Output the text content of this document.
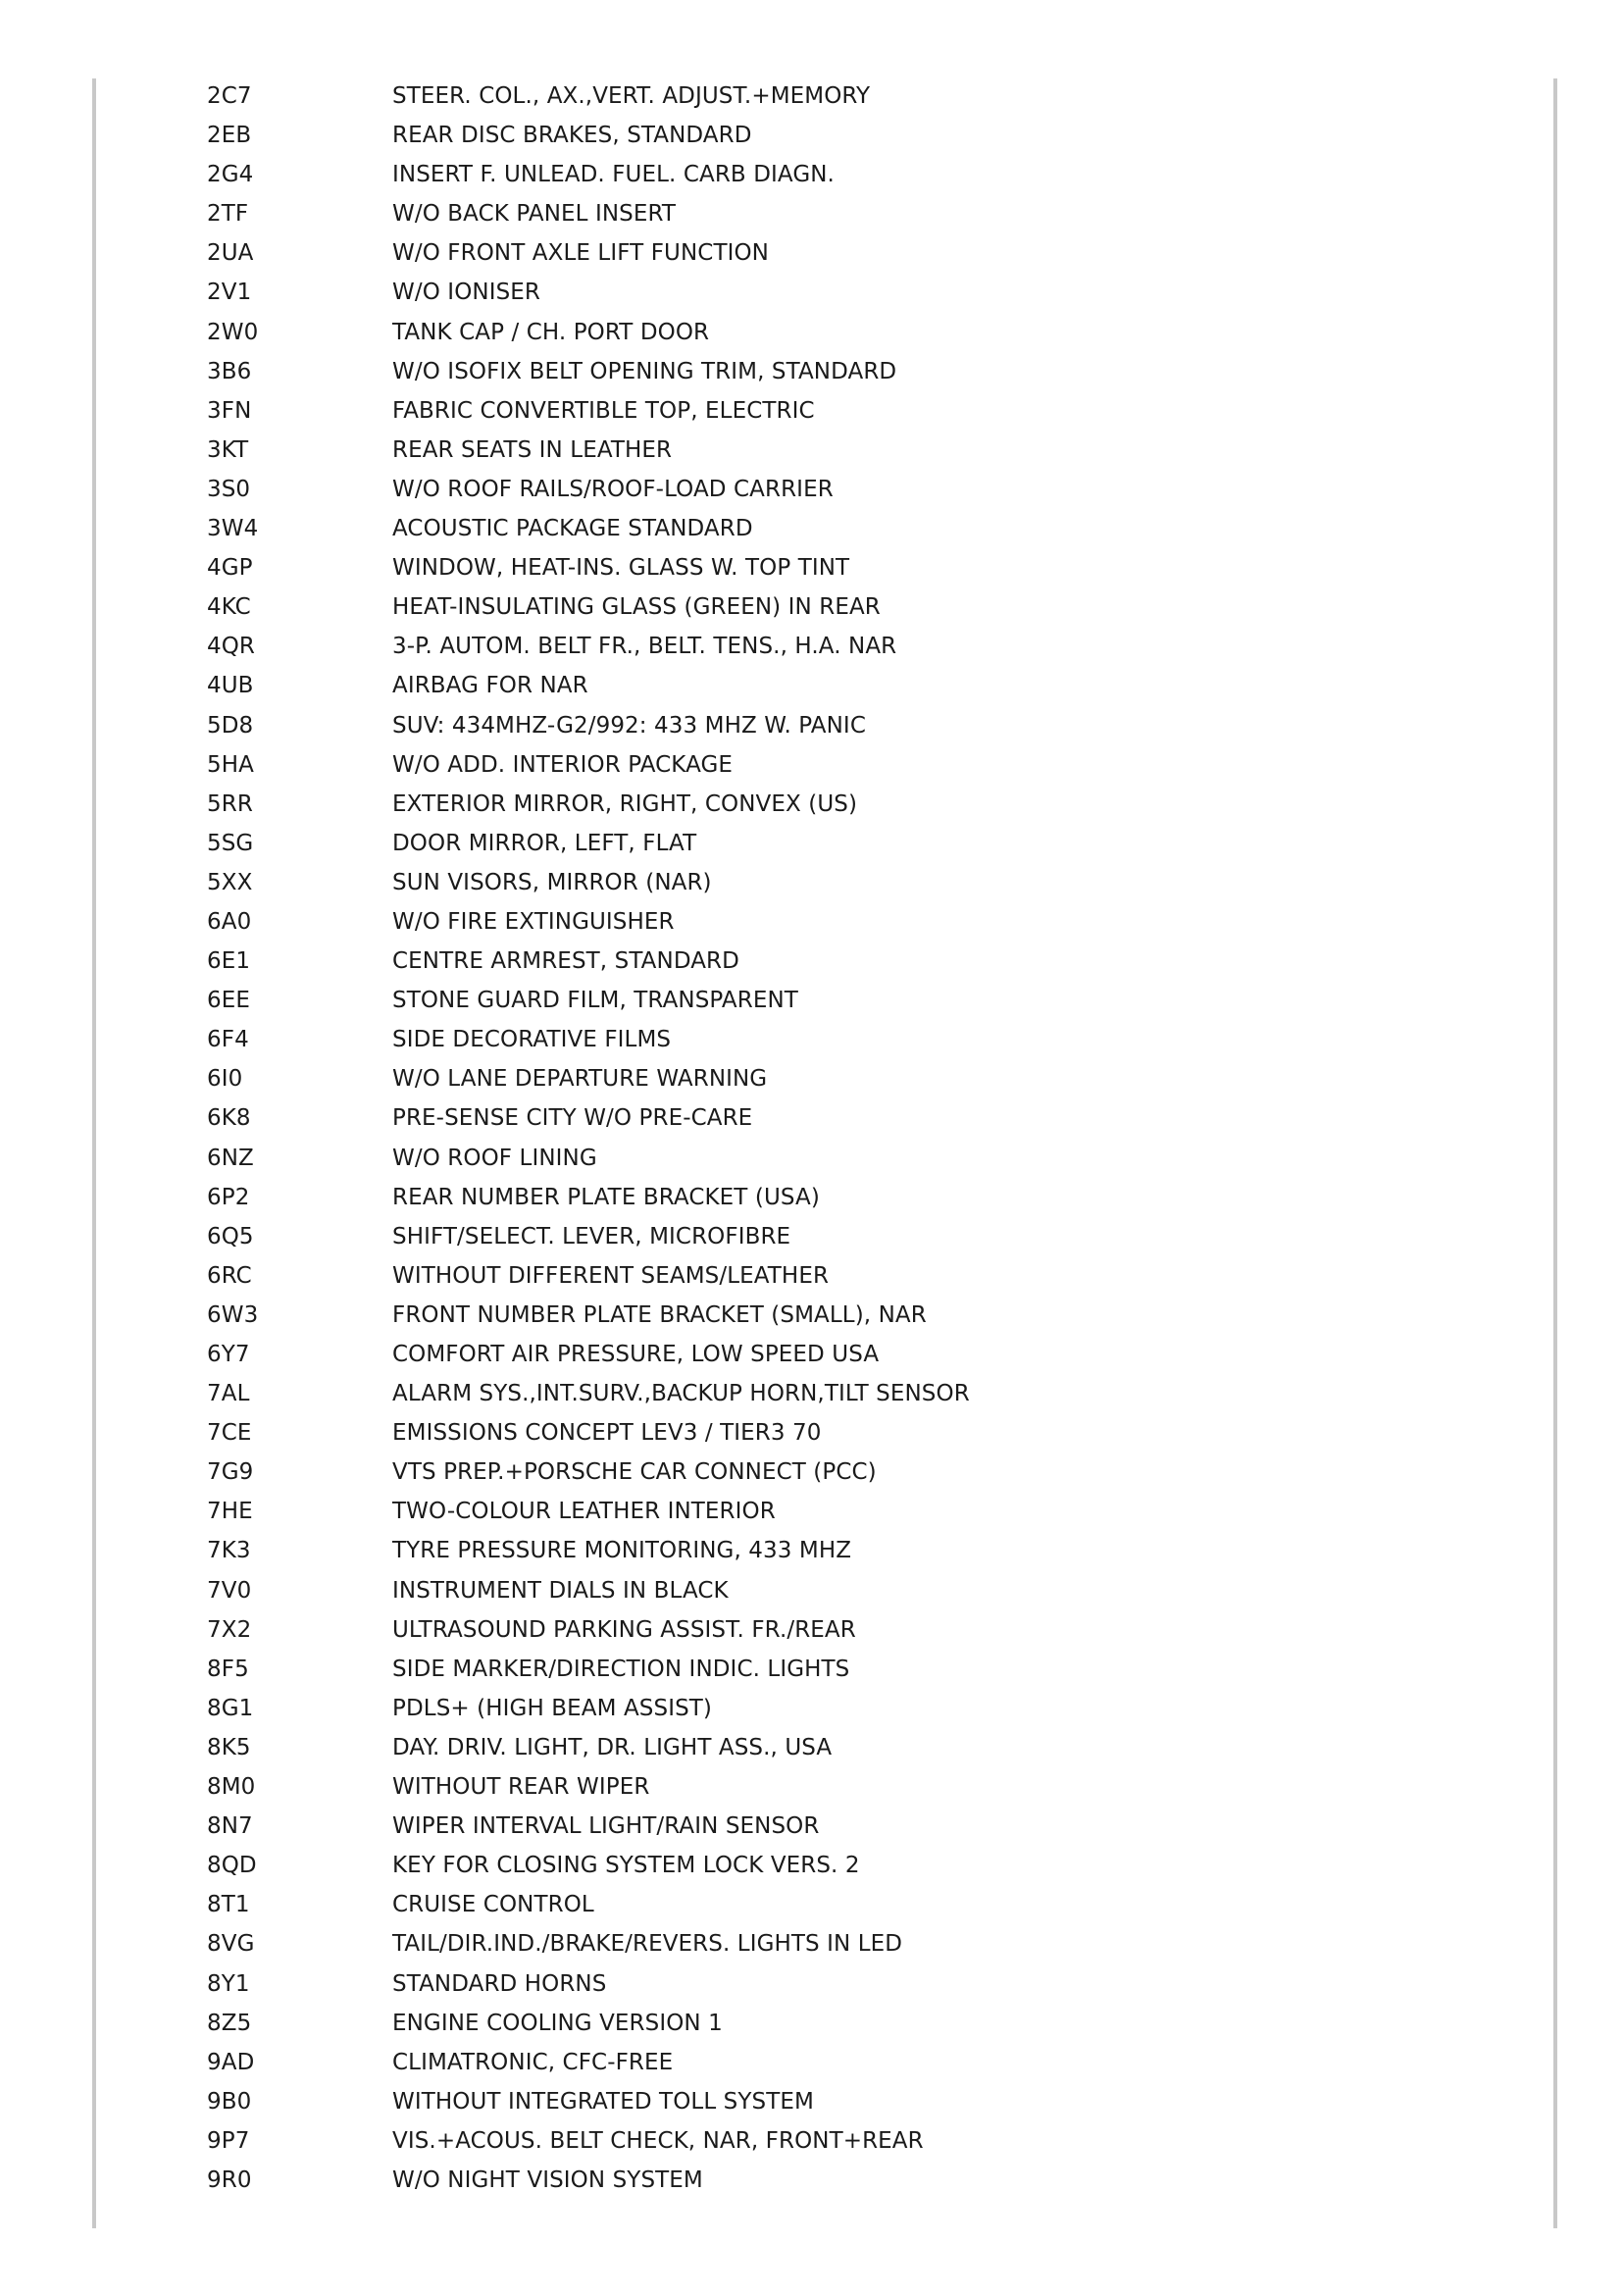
2C7	STEER. COL., AX.,VERT. ADJUST.+MEMORY
2EB	REAR DISC BRAKES, STANDARD
2G4	INSERT F. UNLEAD. FUEL. CARB DIAGN.
2TF	W/O BACK PANEL INSERT
2UA	W/O FRONT AXLE LIFT FUNCTION
2V1	W/O IONISER
2W0	TANK CAP / CH. PORT DOOR
3B6	W/O ISOFIX BELT OPENING TRIM, STANDARD
3FN	FABRIC CONVERTIBLE TOP, ELECTRIC
3KT	REAR SEATS IN LEATHER
3S0	W/O ROOF RAILS/ROOF-LOAD CARRIER
3W4	ACOUSTIC PACKAGE STANDARD
4GP	WINDOW, HEAT-INS. GLASS W. TOP TINT
4KC	HEAT-INSULATING GLASS (GREEN) IN REAR
4QR	3-P. AUTOM. BELT FR., BELT. TENS., H.A. NAR
4UB	AIRBAG FOR NAR
5D8	SUV: 434MHZ-G2/992: 433 MHZ W. PANIC
5HA	W/O ADD. INTERIOR PACKAGE
5RR	EXTERIOR MIRROR, RIGHT, CONVEX (US)
5SG	DOOR MIRROR, LEFT, FLAT
5XX	SUN VISORS, MIRROR (NAR)
6A0	W/O FIRE EXTINGUISHER
6E1	CENTRE ARMREST, STANDARD
6EE	STONE GUARD FILM, TRANSPARENT
6F4	SIDE DECORATIVE FILMS
6I0	W/O LANE DEPARTURE WARNING
6K8	PRE-SENSE CITY W/O PRE-CARE
6NZ	W/O ROOF LINING
6P2	REAR NUMBER PLATE BRACKET (USA)
6Q5	SHIFT/SELECT. LEVER, MICROFIBRE
6RC	WITHOUT DIFFERENT SEAMS/LEATHER
6W3	FRONT NUMBER PLATE BRACKET (SMALL), NAR
6Y7	COMFORT AIR PRESSURE, LOW SPEED USA
7AL	ALARM SYS.,INT.SURV.,BACKUP HORN,TILT SENSOR
7CE	EMISSIONS CONCEPT LEV3 / TIER3 70
7G9	VTS PREP.+PORSCHE CAR CONNECT (PCC)
7HE	TWO-COLOUR LEATHER INTERIOR
7K3	TYRE PRESSURE MONITORING, 433 MHZ
7V0	INSTRUMENT DIALS IN BLACK
7X2	ULTRASOUND PARKING ASSIST. FR./REAR
8F5	SIDE MARKER/DIRECTION INDIC. LIGHTS
8G1	PDLS+ (HIGH BEAM ASSIST)
8K5	DAY. DRIV. LIGHT, DR. LIGHT ASS., USA
8M0	WITHOUT REAR WIPER
8N7	WIPER INTERVAL LIGHT/RAIN SENSOR
8QD	KEY FOR CLOSING SYSTEM LOCK VERS. 2
8T1	CRUISE CONTROL
8VG	TAIL/DIR.IND./BRAKE/REVERS. LIGHTS IN LED
8Y1	STANDARD HORNS
8Z5	ENGINE COOLING VERSION 1
9AD	CLIMATRONIC, CFC-FREE
9B0	WITHOUT INTEGRATED TOLL SYSTEM
9P7	VIS.+ACOUS. BELT CHECK, NAR, FRONT+REAR
9R0	W/O NIGHT VISION SYSTEM
